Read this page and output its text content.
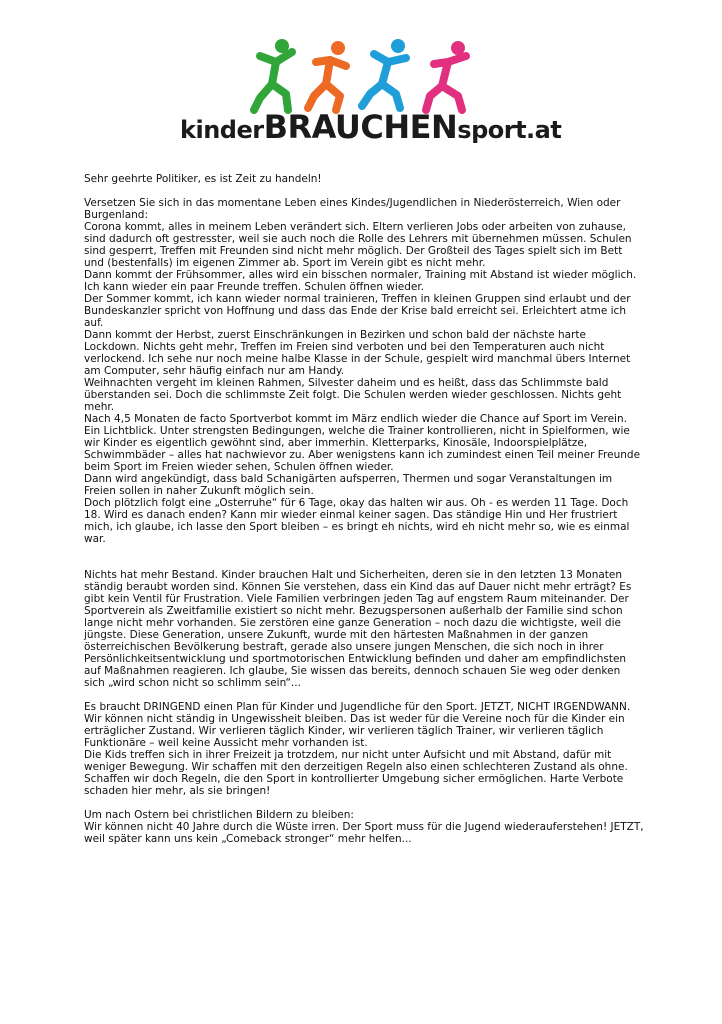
kinderBRAUCHENsport.at

Sehr geehrte Politiker, es ist Zeit zu handeln!

Versetzen Sie sich in das momentane Leben eines Kindes/Jugendlichen in Niederösterreich, Wien oder Burgenland:

Corona kommt, alles in meinem Leben verändert sich. Eltern verlieren Jobs oder arbeiten von zuhause, sind dadurch oft gestresster, weil sie auch noch die Rolle des Lehrers mit übernehmen müssen. Schulen sind gesperrt, Treffen mit Freunden sind nicht mehr möglich. Der Großteil des Tages spielt sich im Bett und (bestenfalls) im eigenen Zimmer ab. Sport im Verein gibt es nicht mehr.

Dann kommt der Frühsommer, alles wird ein bisschen normaler, Training mit Abstand ist wieder möglich. Ich kann wieder ein paar Freunde treffen. Schulen öffnen wieder.

Der Sommer kommt, ich kann wieder normal trainieren, Treffen in kleinen Gruppen sind erlaubt und der Bundeskanzler spricht von Hoffnung und dass das Ende der Krise bald erreicht sei. Erleichtert atme ich auf.

Dann kommt der Herbst, zuerst Einschränkungen in Bezirken und schon bald der nächste harte Lockdown. Nichts geht mehr, Treffen im Freien sind verboten und bei den Temperaturen auch nicht verlockend. Ich sehe nur noch meine halbe Klasse in der Schule, gespielt wird manchmal übers Internet am Computer, sehr häufig einfach nur am Handy.

Weihnachten vergeht im kleinen Rahmen, Silvester daheim und es heißt, dass das Schlimmste bald überstanden sei. Doch die schlimmste Zeit folgt. Die Schulen werden wieder geschlossen. Nichts geht mehr.

Nach 4,5 Monaten de facto Sportverbot kommt im März endlich wieder die Chance auf Sport im Verein. Ein Lichtblick. Unter strengsten Bedingungen, welche die Trainer kontrollieren, nicht in Spielformen, wie wir Kinder es eigentlich gewöhnt sind, aber immerhin. Kletterparks, Kinosäle, Indoorspielplätze, Schwimmbäder – alles hat nachwievor zu. Aber wenigstens kann ich zumindest einen Teil meiner Freunde beim Sport im Freien wieder sehen, Schulen öffnen wieder.

Dann wird angekündigt, dass bald Schanigärten aufsperren, Thermen und sogar Veranstaltungen im Freien sollen in naher Zukunft möglich sein.

Doch plötzlich folgt eine „Osterruhe“ für 6 Tage, okay das halten wir aus. Oh - es werden 11 Tage. Doch 18. Wird es danach enden? Kann mir wieder einmal keiner sagen. Das ständige Hin und Her frustriert mich, ich glaube, ich lasse den Sport bleiben – es bringt eh nichts, wird eh nicht mehr so, wie es einmal war.

Nichts hat mehr Bestand. Kinder brauchen Halt und Sicherheiten, deren sie in den letzten 13 Monaten ständig beraubt worden sind. Können Sie verstehen, dass ein Kind das auf Dauer nicht mehr erträgt? Es gibt kein Ventil für Frustration. Viele Familien verbringen jeden Tag auf engstem Raum miteinander. Der Sportverein als Zweitfamilie existiert so nicht mehr. Bezugspersonen außerhalb der Familie sind schon lange nicht mehr vorhanden. Sie zerstören eine ganze Generation – noch dazu die wichtigste, weil die jüngste. Diese Generation, unsere Zukunft, wurde mit den härtesten Maßnahmen in der ganzen österreichischen Bevölkerung bestraft, gerade also unsere jungen Menschen, die sich noch in ihrer Persönlichkeitsentwicklung und sportmotorischen Entwicklung befinden und daher am empfindlichsten auf Maßnahmen reagieren. Ich glaube, Sie wissen das bereits, dennoch schauen Sie weg oder denken sich „wird schon nicht so schlimm sein“...

Es braucht DRINGEND einen Plan für Kinder und Jugendliche für den Sport. JETZT, NICHT IRGENDWANN. Wir können nicht ständig in Ungewissheit bleiben. Das ist weder für die Vereine noch für die Kinder ein erträglicher Zustand. Wir verlieren täglich Kinder, wir verlieren täglich Trainer, wir verlieren täglich Funktionäre – weil keine Aussicht mehr vorhanden ist.

Die Kids treffen sich in ihrer Freizeit ja trotzdem, nur nicht unter Aufsicht und mit Abstand, dafür mit weniger Bewegung. Wir schaffen mit den derzeitigen Regeln also einen schlechteren Zustand als ohne. Schaffen wir doch Regeln, die den Sport in kontrollierter Umgebung sicher ermöglichen. Harte Verbote schaden hier mehr, als sie bringen!

Um nach Ostern bei christlichen Bildern zu bleiben:

Wir können nicht 40 Jahre durch die Wüste irren. Der Sport muss für die Jugend wiederauferstehen! JETZT, weil später kann uns kein „Comeback stronger“ mehr helfen...
